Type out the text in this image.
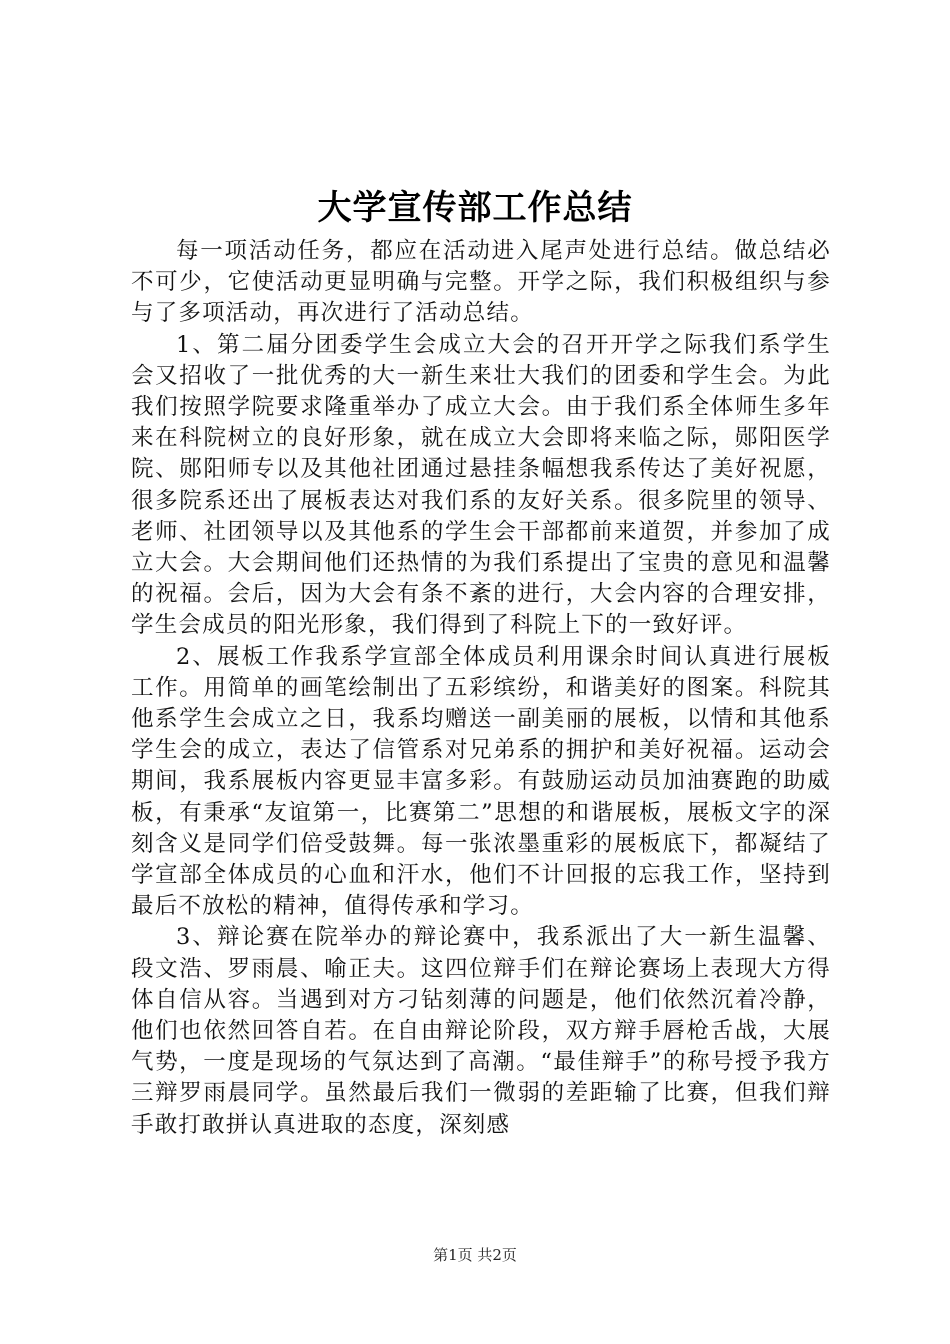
大学宣传部工作总结

每一项活动任务，都应在活动进入尾声处进行总结。做总结必不可少，它使活动更显明确与完整。开学之际，我们积极组织与参与了多项活动，再次进行了活动总结。

1、第二届分团委学生会成立大会的召开开学之际我们系学生会又招收了一批优秀的大一新生来壮大我们的团委和学生会。为此我们按照学院要求隆重举办了成立大会。由于我们系全体师生多年来在科院树立的良好形象，就在成立大会即将来临之际，郧阳医学院、郧阳师专以及其他社团通过悬挂条幅想我系传达了美好祝愿，很多院系还出了展板表达对我们系的友好关系。很多院里的领导、老师、社团领导以及其他系的学生会干部都前来道贺，并参加了成立大会。大会期间他们还热情的为我们系提出了宝贵的意见和温馨的祝福。会后，因为大会有条不紊的进行，大会内容的合理安排，学生会成员的阳光形象，我们得到了科院上下的一致好评。

2、展板工作我系学宣部全体成员利用课余时间认真进行展板工作。用简单的画笔绘制出了五彩缤纷，和谐美好的图案。科院其他系学生会成立之日，我系均赠送一副美丽的展板，以情和其他系学生会的成立，表达了信管系对兄弟系的拥护和美好祝福。运动会期间，我系展板内容更显丰富多彩。有鼓励运动员加油赛跑的助威板，有秉承“友谊第一，比赛第二”思想的和谐展板，展板文字的深刻含义是同学们倍受鼓舞。每一张浓墨重彩的展板底下，都凝结了学宣部全体成员的心血和汗水，他们不计回报的忘我工作，坚持到最后不放松的精神，值得传承和学习。

3、辩论赛在院举办的辩论赛中，我系派出了大一新生温馨、段文浩、罗雨晨、喻正夫。这四位辩手们在辩论赛场上表现大方得体自信从容。当遇到对方刁钻刻薄的问题是，他们依然沉着冷静，他们也依然回答自若。在自由辩论阶段，双方辩手唇枪舌战，大展气势，一度是现场的气氛达到了高潮。“最佳辩手”的称号授予我方三辩罗雨晨同学。虽然最后我们一微弱的差距输了比赛，但我们辩手敢打敢拼认真进取的态度，深刻感

第1页 共2页
